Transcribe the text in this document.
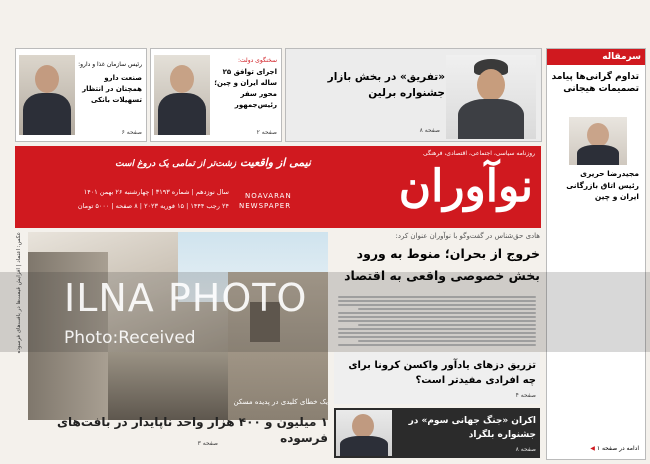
سرمقاله
تداوم گرانی‌ها پیامد تصمیمات هیجانی
مجیدرضا حریری
رئیس اتاق بازرگانی ایران و چین
ادامه در صفحه ۱ ◀
«تفریق» در بخش بازار جشنواره برلین
صفحه ۸
سخنگوی دولت:
اجرای توافق ۲۵ ساله ایران و چین؛ محور سفر رئیس‌جمهور
صفحه ۲
رئیس سازمان غذا و دارو:
صنعت دارو همچنان در انتظار تسهیلات بانکی
صفحه ۶
روزنامه سیاسی، اجتماعی، اقتصادی، فرهنگی
نوآوران
NOAVARAN
NEWSPAPER
نیمی از واقعیت زشت‌تر از تمامی یک دروغ است
سال نوزدهم | شماره ۳۱۹۳ | چهارشنبه ۲۶ بهمن ۱۴۰۱
۲۴ رجب ۱۴۴۴ | ۱۵ فوریه ۲۰۲۳ | ۸ صفحه | ۵۰۰۰ تومان
عکس: اعتماد | افزایش قیمت‌ها در بافت‌های فرسوده
یک خطای کلیدی در پدیده مسکن
۱ میلیون و ۴۰۰ هزار واحد ناپایدار در بافت‌های فرسوده
صفحه ۳
هادی حق‌شناس در گفت‌وگو با نوآوران عنوان کرد:
خروج از بحران؛ منوط به ورود
بخش خصوصی واقعی به اقتصاد
تزریق دزهای یادآور واکسن کرونا برای چه افرادی مفیدتر است؟
صفحه ۴
اکران «جنگ جهانی سوم» در جشنواره بلگراد
صفحه ۸
ILNA PHOTO
Photo:Received
